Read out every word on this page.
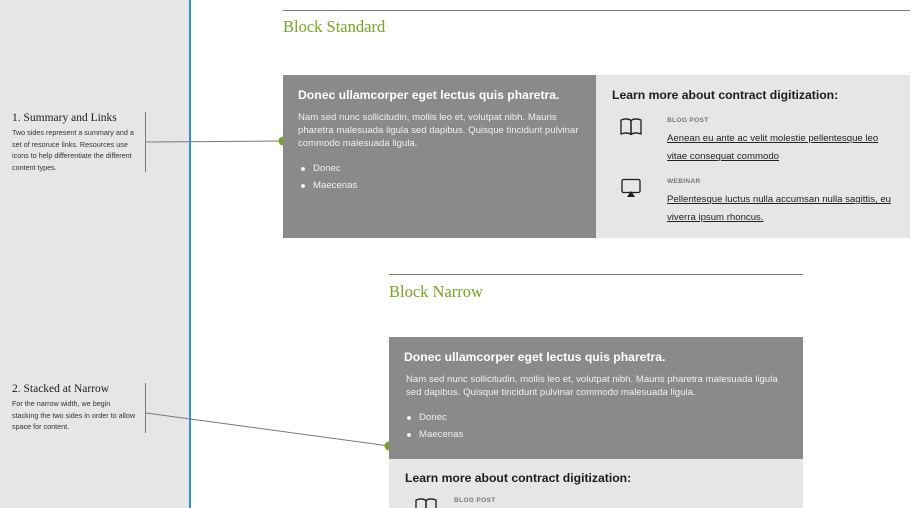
1. Summary and Links
Two sides represent a summary and a set of resoruce links. Resources use icons to help differentiate the different content types.
2. Stacked at Narrow
For the narrow width, we begin stacking the two sides in order to allow space for content.
Block Standard
Donec ullamcorper eget lectus quis pharetra.

Nam sed nunc sollicitudin, mollis leo et, volutpat nibh. Mauris pharetra malesuada ligula sed dapibus. Quisque tincidunt pulvinar commodo malesuada ligula.

Donec
Maecenas
Learn more about contract digitization:
BLOG POST
Aenean eu ante ac velit molestie pellentesque leo vitae consequat commodo
WEBINAR
Pellentesque luctus nulla accumsan nulla sagittis, eu viverra ipsum rhoncus.
Block Narrow
Donec ullamcorper eget lectus quis pharetra.

Nam sed nunc sollicitudin, mollis leo et, volutpat nibh. Mauris pharetra malesuada ligula sed dapibus. Quisque tincidunt pulvinar commodo malesuada ligula.

Donec
Maecenas
Learn more about contract digitization:
BLOG POST
